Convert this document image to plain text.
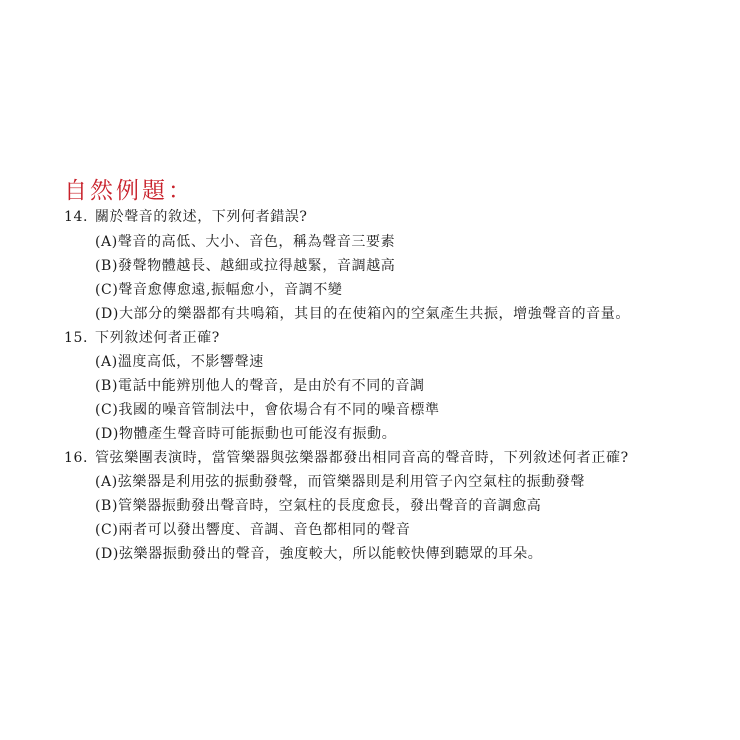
自然例題：
14. 關於聲音的敘述，下列何者錯誤?
(A)聲音的高低、大小、音色，稱為聲音三要素
(B)發聲物體越長、越細或拉得越緊，音調越高
(C)聲音愈傳愈遠,振幅愈小，音調不變
(D)大部分的樂器都有共鳴箱，其目的在使箱內的空氣產生共振，增強聲音的音量。
15. 下列敘述何者正確?
(A)溫度高低，不影響聲速
(B)電話中能辨別他人的聲音，是由於有不同的音調
(C)我國的噪音管制法中，會依場合有不同的噪音標準
(D)物體產生聲音時可能振動也可能沒有振動。
16. 管弦樂團表演時，當管樂器與弦樂器都發出相同音高的聲音時，下列敘述何者正確?
(A)弦樂器是利用弦的振動發聲，而管樂器則是利用管子內空氣柱的振動發聲
(B)管樂器振動發出聲音時，空氣柱的長度愈長，發出聲音的音調愈高
(C)兩者可以發出響度、音調、音色都相同的聲音
(D)弦樂器振動發出的聲音，強度較大，所以能較快傳到聽眾的耳朵。
